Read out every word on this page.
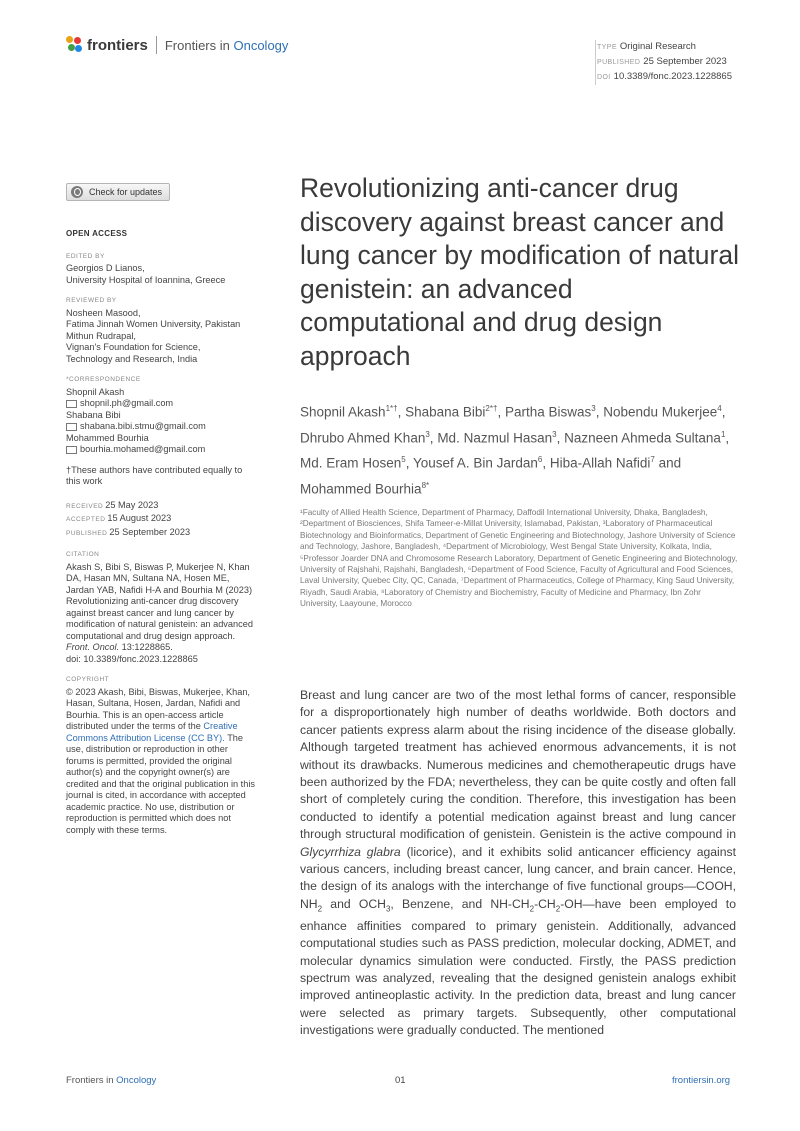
frontiers Frontiers in Oncology	TYPE Original Research
PUBLISHED 25 September 2023
DOI 10.3389/fonc.2023.1228865
Check for updates
OPEN ACCESS
EDITED BY
Georgios D Lianos,
University Hospital of Ioannina, Greece
REVIEWED BY
Nosheen Masood,
Fatima Jinnah Women University, Pakistan
Mithun Rudrapal,
Vignan's Foundation for Science,
Technology and Research, India
*CORRESPONDENCE
Shopnil Akash
shopnil.ph@gmail.com
Shabana Bibi
shabana.bibi.stmu@gmail.com
Mohammed Bourhia
bourhia.mohamed@gmail.com
†These authors have contributed equally to this work
RECEIVED 25 May 2023
ACCEPTED 15 August 2023
PUBLISHED 25 September 2023
CITATION
Akash S, Bibi S, Biswas P, Mukerjee N, Khan DA, Hasan MN, Sultana NA, Hosen ME, Jardan YAB, Nafidi H-A and Bourhia M (2023) Revolutionizing anti-cancer drug discovery against breast cancer and lung cancer by modification of natural genistein: an advanced computational and drug design approach. Front. Oncol. 13:1228865.
doi: 10.3389/fonc.2023.1228865
COPYRIGHT
© 2023 Akash, Bibi, Biswas, Mukerjee, Khan, Hasan, Sultana, Hosen, Jardan, Nafidi and Bourhia. This is an open-access article distributed under the terms of the Creative Commons Attribution License (CC BY). The use, distribution or reproduction in other forums is permitted, provided the original author(s) and the copyright owner(s) are credited and that the original publication in this journal is cited, in accordance with accepted academic practice. No use, distribution or reproduction is permitted which does not comply with these terms.
Revolutionizing anti-cancer drug discovery against breast cancer and lung cancer by modification of natural genistein: an advanced computational and drug design approach
Shopnil Akash$^{1*\dagger}$, Shabana Bibi$^{2*\dagger}$, Partha Biswas$^3$, Nobendu Mukerjee$^4$, Dhrubo Ahmed Khan$^3$, Md. Nazmul Hasan$^3$, Nazneen Ahmeda Sultana$^1$, Md. Eram Hosen$^5$, Yousef A. Bin Jardan$^6$, Hiba-Allah Nafidi$^7$ and Mohammed Bourhia$^{8*}$
¹Faculty of Allied Health Science, Department of Pharmacy, Daffodil International University, Dhaka, Bangladesh, ²Department of Biosciences, Shifa Tameer-e-Millat University, Islamabad, Pakistan, ³Laboratory of Pharmaceutical Biotechnology and Bioinformatics, Department of Genetic Engineering and Biotechnology, Jashore University of Science and Technology, Jashore, Bangladesh, ⁴Department of Microbiology, West Bengal State University, Kolkata, India, ⁵Professor Joarder DNA and Chromosome Research Laboratory, Department of Genetic Engineering and Biotechnology, University of Rajshahi, Rajshahi, Bangladesh, ⁶Department of Food Science, Faculty of Agricultural and Food Sciences, Laval University, Quebec City, QC, Canada, ⁷Department of Pharmaceutics, College of Pharmacy, King Saud University, Riyadh, Saudi Arabia, ⁸Laboratory of Chemistry and Biochemistry, Faculty of Medicine and Pharmacy, Ibn Zohr University, Laayoune, Morocco
Breast and lung cancer are two of the most lethal forms of cancer, responsible for a disproportionately high number of deaths worldwide. Both doctors and cancer patients express alarm about the rising incidence of the disease globally. Although targeted treatment has achieved enormous advancements, it is not without its drawbacks. Numerous medicines and chemotherapeutic drugs have been authorized by the FDA; nevertheless, they can be quite costly and often fall short of completely curing the condition. Therefore, this investigation has been conducted to identify a potential medication against breast and lung cancer through structural modification of genistein. Genistein is the active compound in Glycyrrhiza glabra (licorice), and it exhibits solid anticancer efficiency against various cancers, including breast cancer, lung cancer, and brain cancer. Hence, the design of its analogs with the interchange of five functional groups—COOH, $NH_2$ and $OCH_3$, Benzene, and $NH-CH_2-CH_2-OH—have$ been employed to enhance affinities compared to primary genistein. Additionally, advanced computational studies such as PASS prediction, molecular docking, ADMET, and molecular dynamics simulation were conducted. Firstly, the PASS prediction spectrum was analyzed, revealing that the designed genistein analogs exhibit improved antineoplastic activity. In the prediction data, breast and lung cancer were selected as primary targets. Subsequently, other computational investigations were gradually conducted. The mentioned
Frontiers in Oncology	01	frontiersin.org
